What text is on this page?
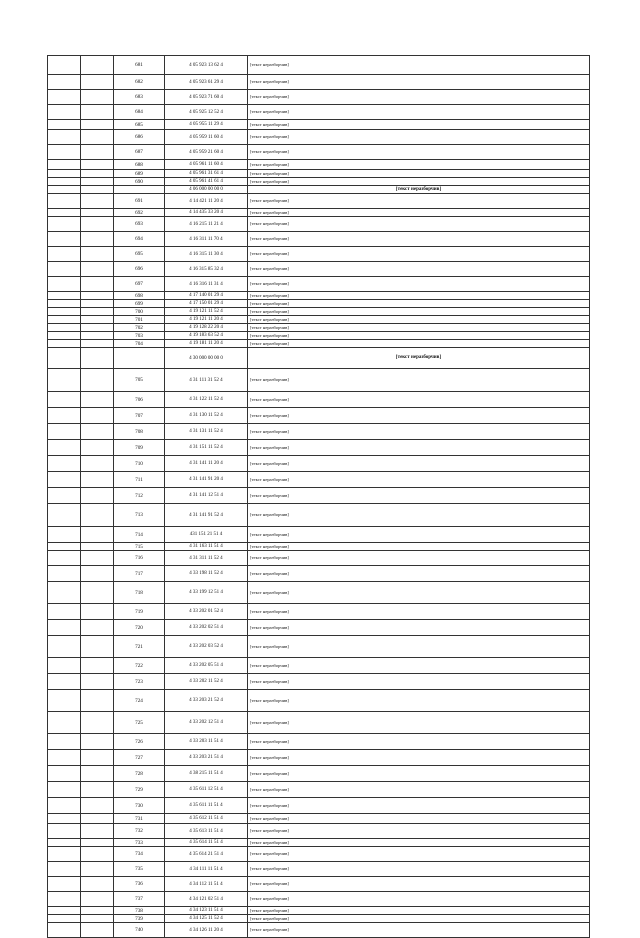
		681	4 05 923 13 62 4	[текст неразборчив]
		682	4 05 923 61 29 4	[текст неразборчив]
		683	4 05 923 71 60 4	[текст неразборчив]
		684	4 05 925 12 52 4	[текст неразборчив]
		685	4 05 955 11 29 4	[текст неразборчив]
		686	4 05 959 11 60 4	[текст неразборчив]
		687	4 05 959 21 60 4	[текст неразборчив]
		688	4 05 961 11 60 4	[текст неразборчив]
		689	4 05 961 31 61 4	[текст неразборчив]
		690	4 05 961 41 61 4	[текст неразборчив]
			4 06 000 00 00 0	[текст неразборчив]
		691	4 14 421 11 20 4	[текст неразборчив]
		692	4 14 435 33 20 4	[текст неразборчив]
		693	4 16 215 11 21 4	[текст неразборчив]
		694	4 16 311 11 70 4	[текст неразборчив]
		695	4 16 315 11 30 4	[текст неразборчив]
		696	4 16 315 85 32 4	[текст неразборчив]
		697	4 16 316 11 31 4	[текст неразборчив]
		698	4 17 140 01 29 4	[текст неразборчив]
		699	4 17 150 01 29 4	[текст неразборчив]
		700	4 19 121 11 52 4	[текст неразборчив]
		701	4 19 121 11 20 4	[текст неразборчив]
		702	4 19 128 22 20 4	[текст неразборчив]
		703	4 19 183 63 52 4	[текст неразборчив]
		704	4 19 181 11 20 4	[текст неразборчив]
			4 30 000 00 00 0	[текст неразборчив]
		705	4 31 111 31 52 4	[текст неразборчив]
		706	4 31 122 11 52 4	[текст неразборчив]
		707	4 31 130 11 52 4	[текст неразборчив]
		708	4 31 131 11 52 4	[текст неразборчив]
		709	4 31 151 11 52 4	[текст неразборчив]
		710	4 31 141 11 20 4	[текст неразборчив]
		711	4 31 141 91 20 4	[текст неразборчив]
		712	4 31 141 12 51 4	[текст неразборчив]
		713	4 31 141 91 52 4	[текст неразборчив]
		714	431 151 21 51 4	[текст неразборчив]
		715	4 31 163 11 51 4	[текст неразборчив]
		716	4 31 311 11 52 4	[текст неразборчив]
		717	4 33 198 11 52 4	[текст неразборчив]
		718	4 33 199 12 51 4	[текст неразборчив]
		719	4 33 202 01 52 4	[текст неразборчив]
		720	4 33 202 02 51 4	[текст неразборчив]
		721	4 33 202 03 52 4	[текст неразборчив]
		722	4 33 202 05 51 4	[текст неразборчив]
		723	4 33 202 11 52 4	[текст неразборчив]
		724	4 33 203 21 52 4	[текст неразборчив]
		725	4 33 202 12 51 4	[текст неразборчив]
		726	4 33 203 11 51 4	[текст неразборчив]
		727	4 33 203 21 51 4	[текст неразборчив]
		728	4 38 215 11 51 4	[текст неразборчив]
		729	4 35 611 12 51 4	[текст неразборчив]
		730	4 35 611 11 51 4	[текст неразборчив]
		731	4 35 612 11 51 4	[текст неразборчив]
		732	4 35 613 11 51 4	[текст неразборчив]
		733	4 35 614 11 51 4	[текст неразборчив]
		734	4 35 614 21 51 4	[текст неразборчив]
		735	4 34 111 11 51 4	[текст неразборчив]
		736	4 34 112 11 51 4	[текст неразборчив]
		737	4 34 121 02 51 4	[текст неразборчив]
		738	4 34 123 11 51 4	[текст неразборчив]
		739	4 34 125 11 52 4	[текст неразборчив]
		740	4 34 126 11 20 4	[текст неразборчив]
